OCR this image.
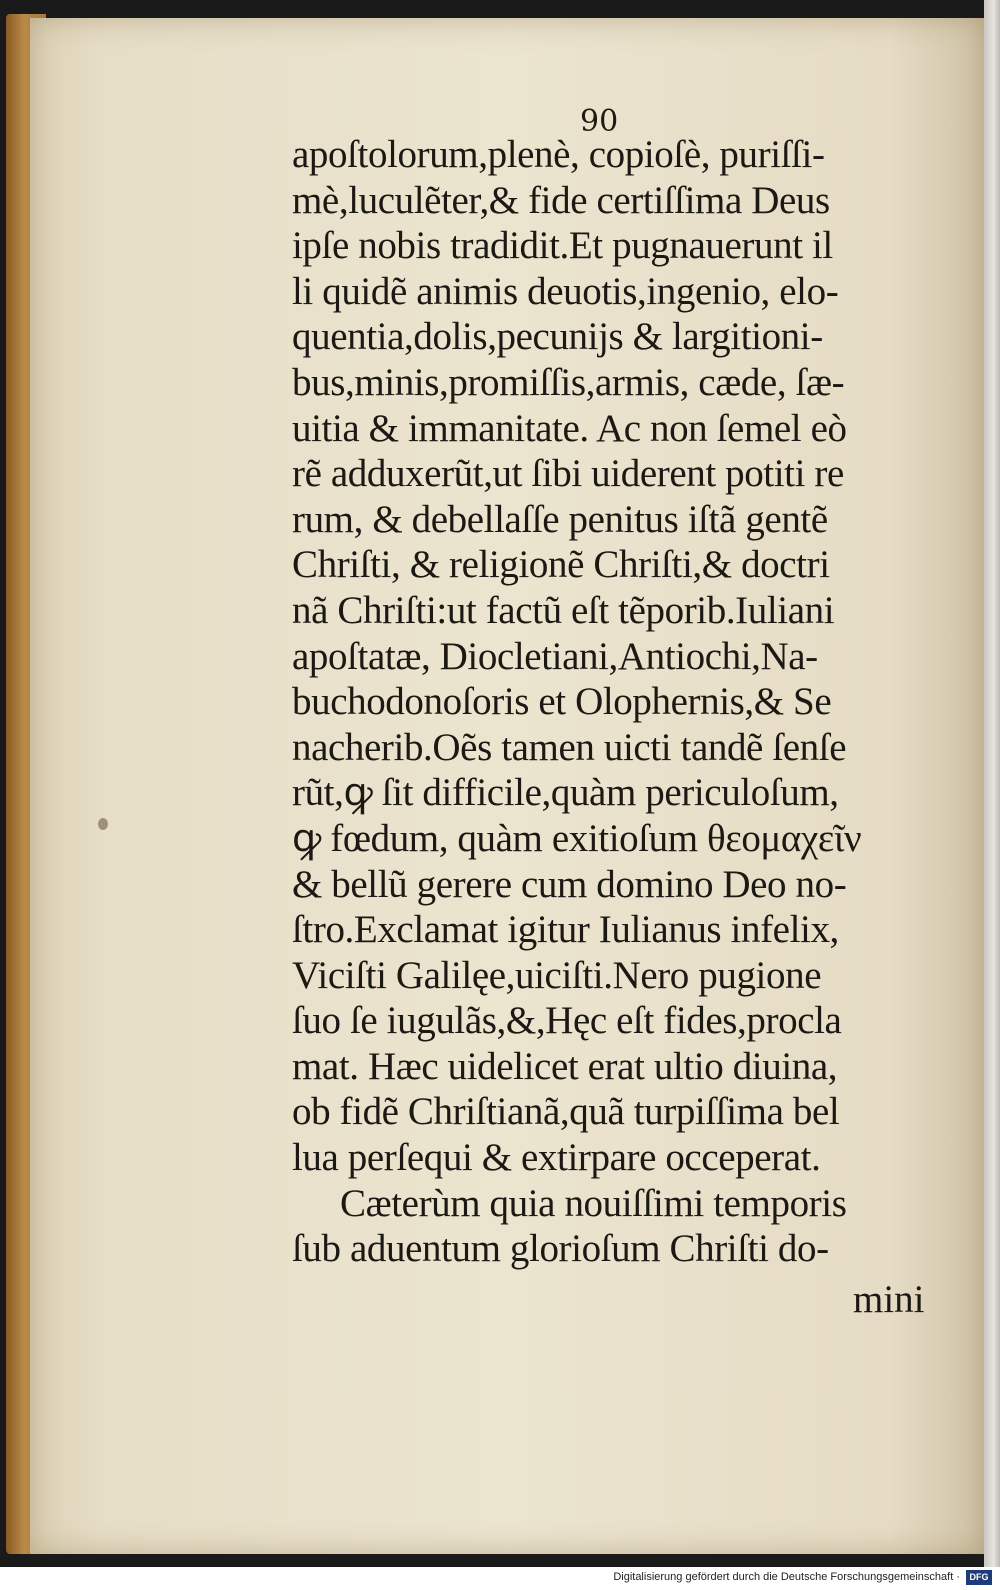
90

apoſtolorum,plenè, copioſè, puriſſi-
mè,luculẽter,& fide certiſſima Deus
ipſe nobis tradidit.Et pugnauerunt il
li quidẽ animis deuotis,ingenio, elo-
quentia,dolis,pecunijs & largitioni-
bus,minis,promiſſis,armis, cæde, ſæ-
uitia & immanitate. Ac non ſemel eò
rẽ adduxerũt,ut ſibi uiderent potiti re
rum, & debellaſſe penitus iſtã gentẽ
Chriſti, & religionẽ Chriſti,& doctri
nã Chriſti:ut factũ eſt tẽporib.Iuliani
apoſtatæ, Diocletiani,Antiochi,Na-
buchodonoſoris et Olophernis,& Se
nacherib.Oẽs tamen uicti tandẽ ſenſe
rũt,ꝙ ſit difficile,quàm periculoſum,
ꝙ fœdum, quàm exitioſum θεομαχεῖν
& bellũ gerere cum domino Deo no-
ſtro.Exclamat igitur Iulianus infelix,
Viciſti Galilęe,uiciſti.Nero pugione
ſuo ſe iugulãs,&,Hęc eſt fides,procla
mat. Hæc uidelicet erat ultio diuina,
ob fidẽ Chriſtianã,quã turpiſſima bel
lua perſequi & extirpare occeperat.
Cæterùm quia nouiſſimi temporis
ſub aduentum glorioſum Chriſti do-

mini

Digitalisierung gefördert durch die Deutsche Forschungsgemeinschaft ·	DFG
